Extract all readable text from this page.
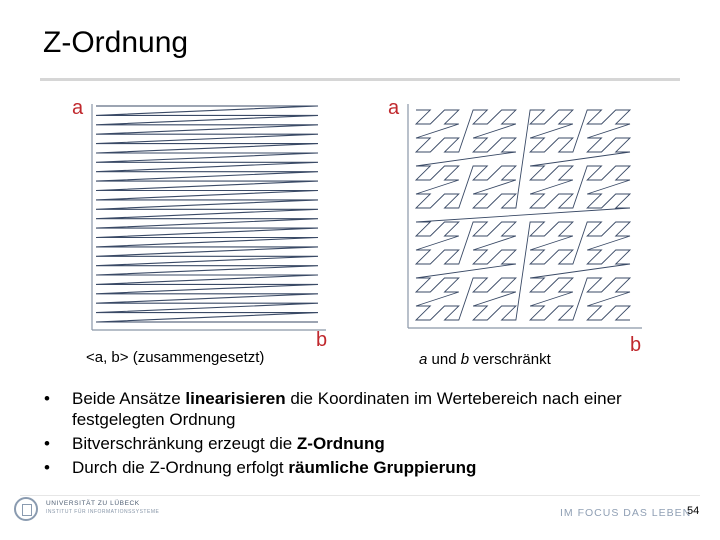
Z-Ordnung
a
b
a
b
<a, b> (zusammengesetzt)	a und b verschränkt
• Beide Ansätze linearisieren die Koordinaten im Wertebereich nach einer festgelegten Ordnung
• Bitverschränkung erzeugt die Z-Ordnung
• Durch die Z-Ordnung erfolgt räumliche Gruppierung
UNIVERSITÄT ZU LÜBECK
INSTITUT FÜR INFORMATIONSSYSTEME	IM FOCUS DAS LEBEN
54
